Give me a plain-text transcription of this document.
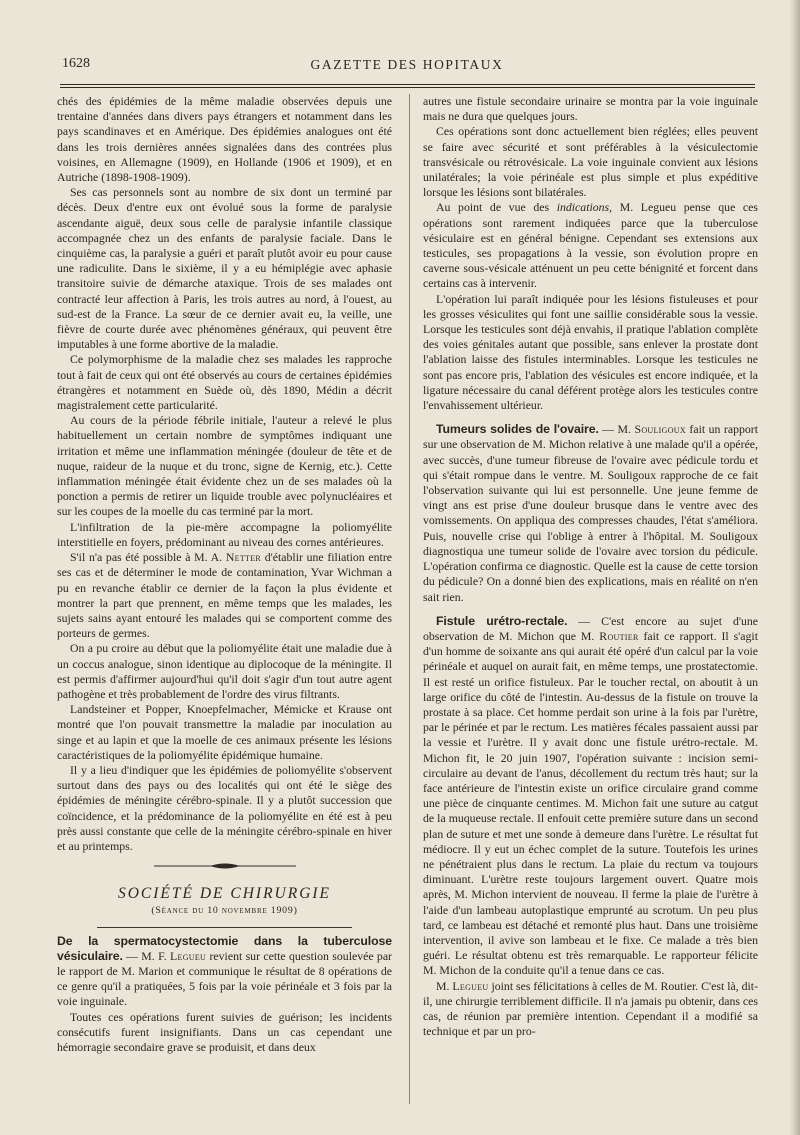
1628	GAZETTE DES HOPITAUX

chés des épidémies de la même maladie observées depuis une trentaine d'années dans divers pays étrangers et notamment dans les pays scandinaves et en Amérique. Des épidémies analogues ont été dans les trois dernières années signalées dans des contrées plus voisines, en Allemagne (1909), en Hollande (1906 et 1909), et en Autriche (1898-1908-1909).

Ses cas personnels sont au nombre de six dont un terminé par décès. Deux d'entre eux ont évolué sous la forme de paralysie ascendante aiguë, deux sous celle de paralysie infantile classique accompagnée chez un des enfants de paralysie faciale. Dans le cinquième cas, la paralysie a guéri et paraît plutôt avoir eu pour cause une radiculite. Dans le sixième, il y a eu hémiplégie avec aphasie transitoire suivie de démarche ataxique. Trois de ses malades ont contracté leur affection à Paris, les trois autres au nord, à l'ouest, au sud-est de la France. La sœur de ce dernier avait eu, la veille, une fièvre de courte durée avec phénomènes généraux, qui peuvent être imputables à une forme abortive de la maladie.

Ce polymorphisme de la maladie chez ses malades les rapproche tout à fait de ceux qui ont été observés au cours de certaines épidémies étrangères et notamment en Suède où, dès 1890, Médin a décrit magistralement cette particularité.

Au cours de la période fébrile initiale, l'auteur a relevé le plus habituellement un certain nombre de symptômes indiquant une irritation et même une inflammation méningée (douleur de tête et de nuque, raideur de la nuque et du tronc, signe de Kernig, etc.). Cette inflammation méningée était évidente chez un de ses malades où la ponction a permis de retirer un liquide trouble avec polynucléaires et sur les coupes de la moelle du cas terminé par la mort.

L'infiltration de la pie-mère accompagne la poliomyélite interstitielle en foyers, prédominant au niveau des cornes antérieures.

S'il n'a pas été possible à M. A. Netter d'établir une filiation entre ses cas et de déterminer le mode de contamination, Yvar Wichman a pu en revanche établir ce dernier de la façon la plus évidente et montrer la part que prennent, en même temps que les malades, les sujets sains ayant entouré les malades qui se comportent comme des porteurs de germes.

On a pu croire au début que la poliomyélite était une maladie due à un coccus analogue, sinon identique au diplocoque de la méningite. Il est permis d'affirmer aujourd'hui qu'il doit s'agir d'un tout autre agent pathogène et très probablement de l'ordre des virus filtrants.

Landsteiner et Popper, Knoepfelmacher, Mémicke et Krause ont montré que l'on pouvait transmettre la maladie par inoculation au singe et au lapin et que la moelle de ces animaux présente les lésions caractéristiques de la poliomyélite épidémique humaine.

Il y a lieu d'indiquer que les épidémies de poliomyélite s'observent surtout dans des pays ou des localités qui ont été le siège des épidémies de méningite cérébro-spinale. Il y a plutôt succession que coïncidence, et la prédominance de la poliomyélite en été est à peu près aussi constante que celle de la méningite cérébro-spinale en hiver et au printemps.

SOCIÉTÉ DE CHIRURGIE
(Séance du 10 novembre 1909)

De la spermatocystectomie dans la tuberculose vésiculaire. — M. F. Legueu revient sur cette question soulevée par le rapport de M. Marion et communique le résultat de 8 opérations de ce genre qu'il a pratiquées, 5 fois par la voie périnéale et 3 fois par la voie inguinale.

Toutes ces opérations furent suivies de guérison; les incidents consécutifs furent insignifiants. Dans un cas cependant une hémorragie secondaire grave se produisit, et dans deux

autres une fistule secondaire urinaire se montra par la voie inguinale mais ne dura que quelques jours.

Ces opérations sont donc actuellement bien réglées; elles peuvent se faire avec sécurité et sont préférables à la vésiculectomie transvésicale ou rétrovésicale. La voie inguinale convient aux lésions unilatérales; la voie périnéale est plus simple et plus expéditive lorsque les lésions sont bilatérales.

Au point de vue des indications, M. Legueu pense que ces opérations sont rarement indiquées parce que la tuberculose vésiculaire est en général bénigne. Cependant ses extensions aux testicules, ses propagations à la vessie, son évolution propre en caverne sous-vésicale atténuent un peu cette bénignité et forcent dans certains cas à intervenir.

L'opération lui paraît indiquée pour les lésions fistuleuses et pour les grosses vésiculites qui font une saillie considérable sous la vessie. Lorsque les testicules sont déjà envahis, il pratique l'ablation complète des voies génitales autant que possible, sans enlever la prostate dont l'ablation laisse des fistules interminables. Lorsque les testicules ne sont pas encore pris, l'ablation des vésicules est encore indiquée, et la ligature nécessaire du canal déférent protège alors les testicules contre l'envahissement ultérieur.

Tumeurs solides de l'ovaire. — M. Souligoux fait un rapport sur une observation de M. Michon relative à une malade qu'il a opérée, avec succès, d'une tumeur fibreuse de l'ovaire avec pédicule tordu et qui s'était rompue dans le ventre. M. Souligoux rapproche de ce fait l'observation suivante qui lui est personnelle. Une jeune femme de vingt ans est prise d'une douleur brusque dans le ventre avec des vomissements. On appliqua des compresses chaudes, l'état s'améliora. Puis, nouvelle crise qui l'oblige à entrer à l'hôpital. M. Souligoux diagnostiqua une tumeur solide de l'ovaire avec torsion du pédicule. L'opération confirma ce diagnostic. Quelle est la cause de cette torsion du pédicule? On a donné bien des explications, mais en réalité on n'en sait rien.

Fistule urétro-rectale. — C'est encore au sujet d'une observation de M. Michon que M. Routier fait ce rapport. Il s'agit d'un homme de soixante ans qui aurait été opéré d'un calcul par la voie périnéale et auquel on aurait fait, en même temps, une prostatectomie. Il est resté un orifice fistuleux. Par le toucher rectal, on aboutit à un large orifice du côté de l'intestin. Au-dessus de la fistule on trouve la prostate à sa place. Cet homme perdait son urine à la fois par l'urètre, par le périnée et par le rectum. Les matières fécales passaient aussi par la vessie et l'urètre. Il y avait donc une fistule urétro-rectale. M. Michon fit, le 20 juin 1907, l'opération suivante : incision semi-circulaire au devant de l'anus, décollement du rectum très haut; sur la face antérieure de l'intestin existe un orifice circulaire grand comme une pièce de cinquante centimes. M. Michon fait une suture au catgut de la muqueuse rectale. Il enfouit cette première suture dans un second plan de suture et met une sonde à demeure dans l'urètre. Le résultat fut médiocre. Il y eut un échec complet de la suture. Toutefois les urines ne pénétraient plus dans le rectum. La plaie du rectum va toujours diminuant. L'urètre reste toujours largement ouvert. Quatre mois après, M. Michon intervient de nouveau. Il ferme la plaie de l'urètre à l'aide d'un lambeau autoplastique emprunté au scrotum. Un peu plus tard, ce lambeau est détaché et remonté plus haut. Dans une troisième intervention, il avive son lambeau et le fixe. Ce malade a très bien guéri. Le résultat obtenu est très remarquable. Le rapporteur félicite M. Michon de la conduite qu'il a tenue dans ce cas.

M. Legueu joint ses félicitations à celles de M. Routier. C'est là, dit-il, une chirurgie terriblement difficile. Il n'a jamais pu obtenir, dans ces cas, de réunion par première intention. Cependant il a modifié sa technique et par un pro-
